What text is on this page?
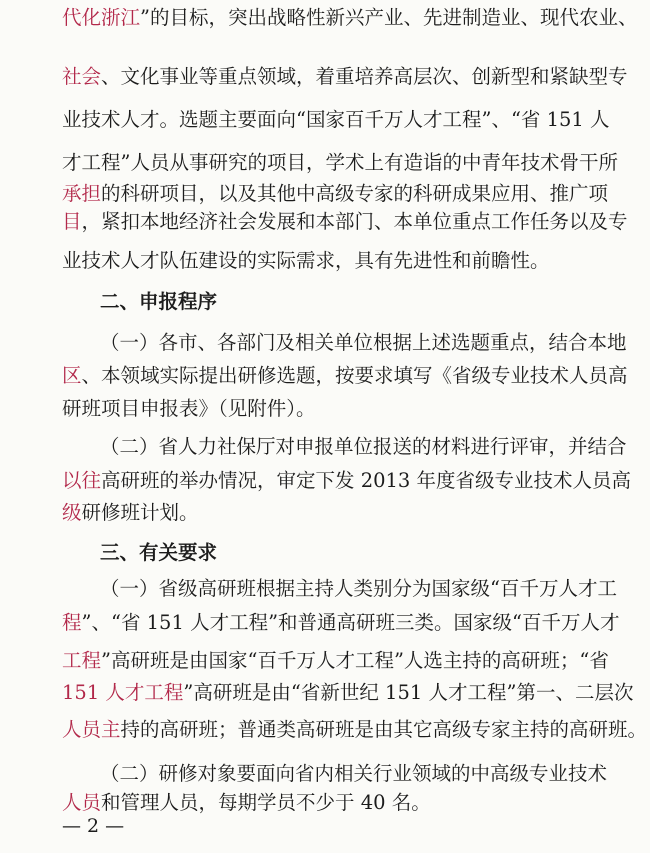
代化浙江”的目标，突出战略性新兴产业、先进制造业、现代农业、
社会、文化事业等重点领域，着重培养高层次、创新型和紧缺型专
业技术人才。选题主要面向“国家百千万人才工程”、“省 151 人
才工程”人员从事研究的项目，学术上有造诣的中青年技术骨干所
承担的科研项目，以及其他中高级专家的科研成果应用、推广项
目，紧扣本地经济社会发展和本部门、本单位重点工作任务以及专
业技术人才队伍建设的实际需求，具有先进性和前瞻性。
二、申报程序
（一）各市、各部门及相关单位根据上述选题重点，结合本地
区、本领域实际提出研修选题，按要求填写《省级专业技术人员高
研班项目申报表》（见附件）。
（二）省人力社保厅对申报单位报送的材料进行评审，并结合
以往高研班的举办情况，审定下发 2013 年度省级专业技术人员高
级研修班计划。
三、有关要求
（一）省级高研班根据主持人类别分为国家级“百千万人才工
程”、“省 151 人才工程”和普通高研班三类。国家级“百千万人才
工程”高研班是由国家“百千万人才工程”人选主持的高研班；“省
151 人才工程”高研班是由“省新世纪 151 人才工程”第一、二层次
人员主持的高研班；普通类高研班是由其它高级专家主持的高研班。
（二）研修对象要面向省内相关行业领域的中高级专业技术
人员和管理人员，每期学员不少于 40 名。
— 2 —
